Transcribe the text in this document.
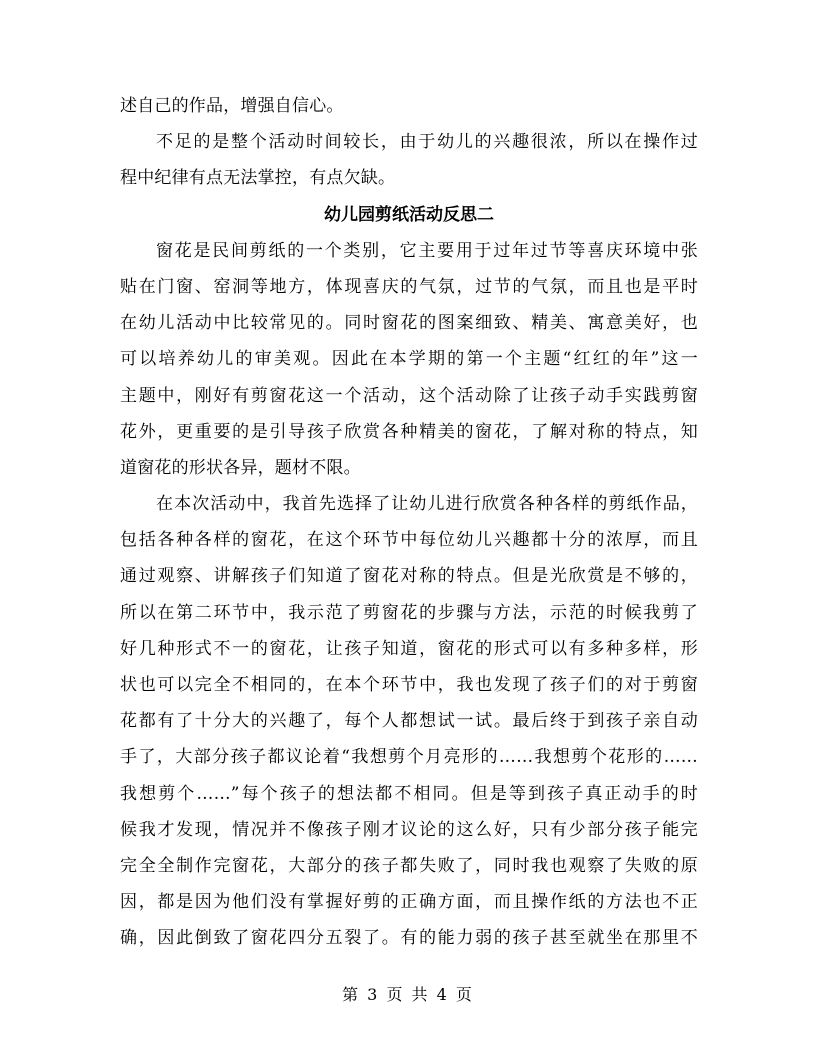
述自己的作品，增强自信心。
不足的是整个活动时间较长，由于幼儿的兴趣很浓，所以在操作过
程中纪律有点无法掌控，有点欠缺。
幼儿园剪纸活动反思二
窗花是民间剪纸的一个类别，它主要用于过年过节等喜庆环境中张
贴在门窗、窑洞等地方，体现喜庆的气氛，过节的气氛，而且也是平时
在幼儿活动中比较常见的。同时窗花的图案细致、精美、寓意美好，也
可以培养幼儿的审美观。因此在本学期的第一个主题“红红的年”这一
主题中，刚好有剪窗花这一个活动，这个活动除了让孩子动手实践剪窗
花外，更重要的是引导孩子欣赏各种精美的窗花，了解对称的特点，知
道窗花的形状各异，题材不限。
在本次活动中，我首先选择了让幼儿进行欣赏各种各样的剪纸作品，
包括各种各样的窗花，在这个环节中每位幼儿兴趣都十分的浓厚，而且
通过观察、讲解孩子们知道了窗花对称的特点。但是光欣赏是不够的，
所以在第二环节中，我示范了剪窗花的步骤与方法，示范的时候我剪了
好几种形式不一的窗花，让孩子知道，窗花的形式可以有多种多样，形
状也可以完全不相同的，在本个环节中，我也发现了孩子们的对于剪窗
花都有了十分大的兴趣了，每个人都想试一试。最后终于到孩子亲自动
手了，大部分孩子都议论着“我想剪个月亮形的……我想剪个花形的……
我想剪个……”每个孩子的想法都不相同。但是等到孩子真正动手的时
候我才发现，情况并不像孩子刚才议论的这么好，只有少部分孩子能完
完全全制作完窗花，大部分的孩子都失败了，同时我也观察了失败的原
因，都是因为他们没有掌握好剪的正确方面，而且操作纸的方法也不正
确，因此倒致了窗花四分五裂了。有的能力弱的孩子甚至就坐在那里不
第 3 页 共 4 页
